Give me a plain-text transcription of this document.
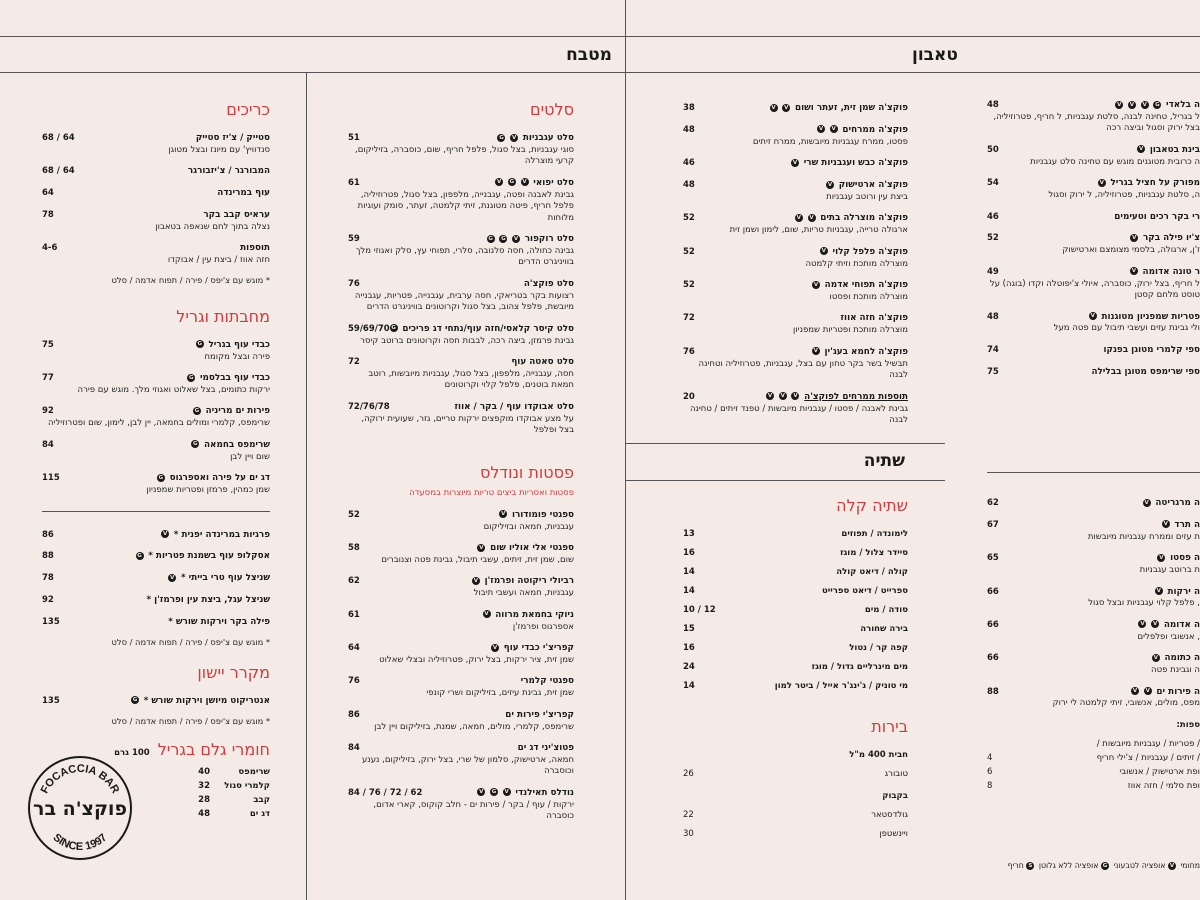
מטבח	טאבון
שתיה
כריכים
סטייק / צ'יז סטייק
68 / 64

סנדוויץ' עם מיונז ובצל מטוגן
המבורגר / צ'יזבורגר
68 / 64
עוף במרינדה
64
עראיס קבב בקר
78

נצלה בתוך לחם שנאפה בטאבון
תוספות
4-6

חזה אווז / ביצת עין / אבוקדו
* מוגש עם צ'יפס / פירה / תפוח אדמה / סלט
מחבתות וגריל
כבדי עוף בגריל G
75

פירה ובצל מקומח
כבדי עוף בבלסמי G
77

ירקות כתומים, בצל שאלוט ואגוזי מלך. מוגש עם פירה
פירות ים מריניה G
92

שרימפס, קלמרי ומולים בחמאה, יין לבן, לימון, שום ופטרוזיליה
שרימפס בחמאה G
84

שום ויין לבן
דג ים על פירה ואספרגוס G
115

שמן כמהין, פרמזן ופטריות שמפניון
פרגיות במרינדה יפנית * V
86
אסקלופ עוף בשמנת פטריות * G
88
שניצל עוף טרי בייתי * V
78
שניצל עגל, ביצת עין ופרמז'ן *
92
פילה בקר וירקות שורש *
135
* מוגש עם צ'יפס / פירה / תפוח אדמה / סלט
מקרר יישון
אנטריקוט מיושן וירקות שורש * G
135
* מוגש עם צ'יפס / פירה / תפוח אדמה / סלט
חומרי גלם בגריל
100 גרם
שרימפס
40
קלמרי סגול
32
קבב
28
דג ים
48
FOCACCIA BAR
פוקצ'ה בר
SINCE 1997
סלטים
סלט עגבניות V G
51

סוגי עגבניות, בצל סגול, פלפל חריף, שום, כוסברה, בזיליקום, קרעי מוצרלה
סלט יפואי V G V
61

גבינת לאבנה ופטה, עגבנייה, מלפפון, בצל סגול, פטרוזיליה, פלפל חריף, פיטה מטוגנת, זיתי קלמטה, זעתר, סומק ועוגיות מלוחות
סלט רוקפור V G G
59

גבינה כחולה, חסה סלנובה, סלרי, תפוחי עץ, סלק ואגוזי מלך בוויניגרט הדרים
סלט פוקצ'ה
76

רצועות בקר בטריאקי, חסה ערבית, עגבנייה, פטריות, עגבנייה מיובשת, פלפל צהוב, בצל סגול וקרוטונים בוויניגרט הדרים
סלט קיסר קלאסי/חזה עוף/נתחי דג פריכים G
59/69/70

גבינת פרמזן, ביצה רכה, לבבות חסה וקרוטונים ברוטב קיסר
סלט סאטה עוף
72

חסה, עגבנייה, מלפפון, בצל סגול, עגבניות מיובשות, רוטב חמאת בוטנים, פלפל קלוי וקרוטונים
סלט אבוקדו עוף / בקר / אווז
72/76/78

על מצע אבוקדו מוקפצים ירקות טריים, גזר, שעועית ירוקה, בצל ופלפל
פסטות ונודלס
פסטות ואסריות ביצים טריות מיוצרות במסעדה
ספגטי פומודורו V
52

עגבניות, חמאה ובזיליקום
ספגטי אלי אוליו שום V
58

שום, שמן זית, זיתים, עשבי תיבול, גבינת פטה וצנוברים
רביולי ריקוטה ופרמז'ן V
62

עגבניות, חמאה ועשבי תיבול
ניוקי בחמאת מרווה V
61

אספרגוס ופרמז'ן
קפריצ'י כבדי עוף V
64

שמן זית, ציר ירקות, בצל ירוק, פטרוזיליה ובצלי שאלוט
ספגטי קלמרי
76

שמן זית, גבינת עיזים, בזיליקום ושרי קונפי
קפריצ'י פירות ים
86

שרימפס, קלמרי, מולים, חמאה, שמנת, בזיליקום ויין לבן
פטוצ'יני דג ים
84

חמאה, ארטישוק, סלמון של שרי, בצל ירוק, בזיליקום, נענע וכוסברה
נודלס תאילנדי V G V
84 / 76 / 72 / 62

ירקות / עוף / בקר / פירות ים - חלב קוקוס, קארי אדום, כוסברה
פוקצ'ה שמן זית, זעתר ושום V V
38
פוקצ'ה ממרחים V V
48

פסטו, ממרח עגבניות מיובשות, ממרח זיתים
פוקצ'ה כבש ועגבניות שרי V
46
פוקצ'ה ארטישוק V
48

ביצת עין ורוטב עגבניות
פוקצ'ה מוצרלה בתים V V
52

ארגולה טרייה, עגבניות טריות, שום, לימון ושמן זית
פוקצ'ה פלפל קלוי V
52

מוצרלה מותכת וזיתי קלמטה
פוקצ'ה תפוחי אדמה V
52

מוצרלה מותכת ופסטו
פוקצ'ה חזה אווז
72

מוצרלה מותכת ופטריות שמפניון
פוקצ'ה לחמא בעג'ין V
76

תבשיל בשר בקר טחון עם בצל, עגבניות, פטרוזיליה וטחינה לבנה
תוספות ממרחים לפוקצ'ה V V V
20

גבינת לאבנה / פסטו / עגבניות מיובשות / טפנד זיתים / טחינה לבנה
שתיה קלה
לימונדה / תפוזים
13
סיידר צלול / מוגז
16
קולה / דיאט קולה
14
ספרייט / דיאט ספרייט
14
סודה / מים
10 / 12
בירה שחורה
15
קפה קר / נטול
16
מים מינרליים גדול / מוגז
24
מי טוניק / ג'ינג'ר אייל / ביטר למון
14
בירות
חבית 400 מ"ל
טובורג
26
בקבוק
גולדסטאר
22
ויינשטפן
30
ה בלאדי G V V V
48

ל בגריל, טחינה לבנה, סלטת עגבניות, ל חריף, פטרוזיליה, בצל ירוק וסגול וביצה רכה
בינת בטאבון V
50

ה כרובית מטוגנים מוגש עם טחינה סלט עגבניות
מפורק על חציל בגריל V
54

ה, סלטת עגבניות, פטרוזיליה, ל ירוק וסגול
רי בקר רכים וטעימים
46
צ'יו פילה בקר V
52

ז'ן, ארגולה, בלסמי מצומצם וארטישוק
ר טונה אדומה V
49

ל חריף, בצל ירוק, כוסברה, איולי צ'יפוטלה וקדו (בוגה) על טוסט מלחם קסטן
פטריות שמפניון מטוגנות V
48

ולי גבינת עזים ועשבי תיבול עם פטה מעל
ספי קלמרי מטוגן בפנקו
74
ספי שרימפס מטוגן בבלילה
75
ה מרגריטה V
62
ה תרד V
67

ת עזים וממרח עגבניות מיובשות
ה פסטו V
65

ת ברוטב עגבניות
ה ירקות V
66

, פלפל קלוי עגבניות ובצל סגול
ה אדומה V V
66

, אנשובי ופלפלים
ה כתומה V
66

ה וגבינת פטה
ה פירות ים V V
88

מפס, מולים, אנשובי, זיתי קלמטה לי ירוק
ספות:
/ פטריות / עגבניות מיובשות /
/ זיתים / עגבניות / צ'ילי חריף
4
ופת ארטישוק / אנשובי
6
ופת סלמי / חזה אווז
8
מחומי V אופציה לטבעוני G אופציה ללא גלוטן S חריף
